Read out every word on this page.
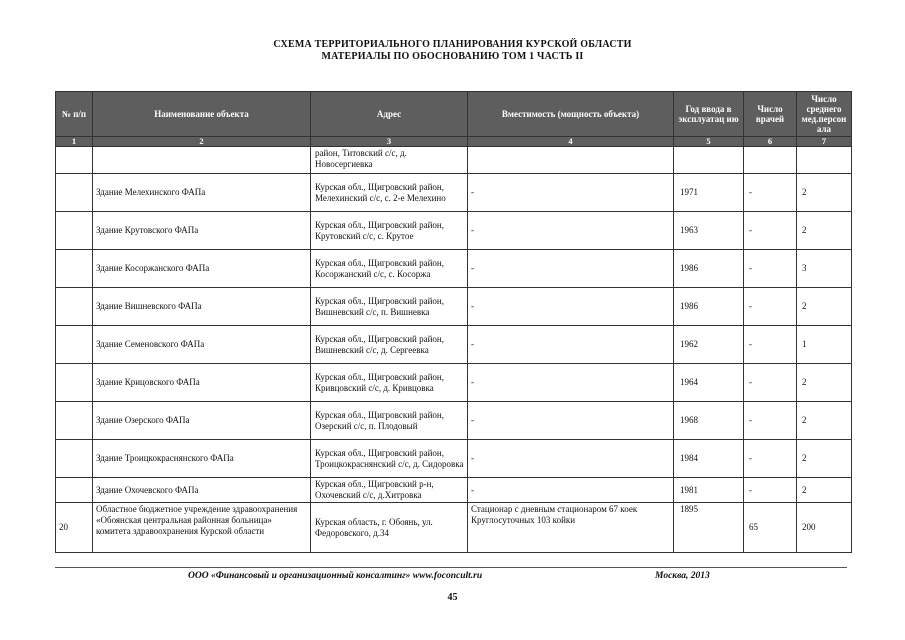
СХЕМА ТЕРРИТОРИАЛЬНОГО ПЛАНИРОВАНИЯ КУРСКОЙ ОБЛАСТИ
МАТЕРИАЛЫ ПО ОБОСНОВАНИЮ ТОМ 1 ЧАСТЬ II
№ п/п	Наименование объекта	Адрес	Вместимость (мощность объекта)	Год ввода в эксплуатац ию	Число врачей	Число среднего мед.персон ала
1	2	3	4	5	6	7
		район, Титовский с/с, д. Новосергиевка				
	Здание Мелехинского ФАПа	Курская обл., Щигровский район, Мелехинский с/с, с. 2-е Мелехино	-	1971	-	2
	Здание Крутовского ФАПа	Курская обл., Щигровский район, Крутовский с/с, с. Крутое	-	1963	-	2
	Здание Косоржанского ФАПа	Курская обл., Щигровский район, Косоржанский с/с, с. Косоржа	-	1986	-	3
	Здание Вишневского ФАПа	Курская обл., Щигровский район, Вишневский с/с, п. Вишневка	-	1986	-	2
	Здание Семеновского ФАПа	Курская обл., Щигровский район, Вишневский с/с, д. Сергеевка	-	1962	-	1
	Здание Крицовского ФАПа	Курская обл., Щигровский район, Кривцовский с/с, д. Кривцовка	-	1964	-	2
	Здание Озерского ФАПа	Курская обл., Щигровский район, Озерский с/с, п. Плодовый	-	1968	-	2
	Здание Троицкокраснянского ФАПа	Курская обл., Щигровский район, Троицкокраснянский с/с, д. Сидоровка	-	1984	-	2
	Здание Охочевского ФАПа	Курская обл., Щигровский р-н, Охочевский с/с, д.Хитровка	-	1981	-	2
20	Областное бюджетное учреждение здравоохранения «Обоянская центральная районная больница» комитета здравоохранения Курской области	Курская область, г. Обоянь, ул. Федоровского, д.34	Стационар с дневным стационаром 67 коек Круглосуточных 103 койки	1895	65	200
ООО «Финансовый и организационный консалтинг» www.foconcult.ru	Москва, 2013
45
